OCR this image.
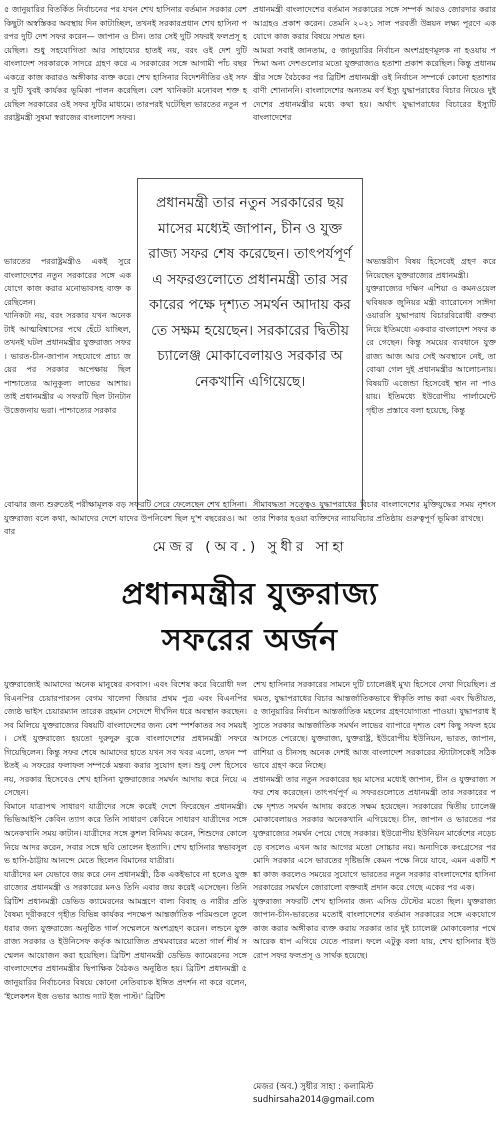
৫ জানুয়ারির বিতর্কিত নির্বাচনের পর যখন শেখ হাসিনার বর্তমান সরকার বেশ কিছুটা অস্বস্তিকর অবস্থায় দিন কাটাচ্ছিল, তখনই সরকারপ্রধান শেখ হাসিনা পরপর দুটি দেশ সফর করেন— জাপান ও চীন। তার সেই দুটি সফরই ফলপ্রসূ হয়েছিল। শুধু সহযোগিতা আর সাহায্যের হাতই নয়, বরং ওই দেশ দুটি বাংলাদেশ সরকারকে সাদরে গ্রহণ করে এ সরকারের সঙ্গে আগামী পাঁচ বছর একত্রে কাজ করারও অঙ্গীকার ব্যক্ত করে। শেখ হাসিনার বিদেশনীতির ওই সফর দুটি খুবই কার্যকর ভূমিকা পালন করেছিল। বেশ খানিকটা মনোবল শক্ত হয়েছিল সরকারের ওই সফর দুটির মাধ্যমে। তারপরই ঘটেছিল ভারতের নতুন পররাষ্ট্রমন্ত্রী সুষমা স্বরাজের বাংলাদেশ সফর।

প্রধানমন্ত্রী বাংলাদেশের বর্তমান সরকারের সঙ্গে সম্পর্ক আরও জোরদার করার আগ্রহও প্রকাশ করেন। তেমনি ২০২১ সাল পরবর্তী উন্নয়ন লক্ষ্য পূরণে একযোগে কাজ করার বিষয়ে সম্মত হন।

আমরা সবাই জানতাম, ৫ জানুয়ারির নির্বাচন অংশগ্রহণমূলক না হওয়ায় পশ্চিমা অন্য দেশগুলোর মতো যুক্তরাজ্যও হতাশা প্রকাশ করেছিল। কিন্তু প্রধানমন্ত্রীর সঙ্গে বৈঠকের পর ব্রিটিশ প্রধানমন্ত্রী ওই নির্বাচন সম্পর্কে কোনো হতাশার বাণী শোনাননি। বাংলাদেশের অন্যতম বর্ণ ইস্যু যুদ্ধাপরাধের বিচার নিয়েও দুই দেশের প্রধানমন্ত্রীর মধ্যে কথা হয়। অর্থাৎ যুদ্ধাপরাধের বিচারের ইস্যুটি বাংলাদেশের

ভারতের পররাষ্ট্রমন্ত্রীও একই সুরে বাংলাদেশের নতুন সরকারের সঙ্গে একযোগে কাজ করার মনোভাবসহ ব্যক্ত করেছিলেন।

খানিকটা নয়, বরং সরকার যখন অনেকটাই আত্মবিশ্বাসের পথে হেঁটে যাচ্ছিল, তখনই ঘটল প্রধানমন্ত্রীর যুক্তরাজ্য সফর। ভারত-চীন-জাপান সহযোগে প্রাচ্য জয়ের পর সরকার অপেক্ষায় ছিল পাশ্চাত্যের আনুকূল্য লাভের আশায়। তাই প্রধানমন্ত্রীর এ সফরটি ছিল টানটান উত্তেজনায় ভরা। পাশ্চাত্যের সরকার

প্রধানমন্ত্রী তার নতুন সরকারের ছয় মাসের মধ্যেই জাপান, চীন ও যুক্তরাজ্য সফর শেষ করেছেন। তাৎপর্যপূর্ণ এ সফরগুলোতে প্রধানমন্ত্রী তার সরকারের পক্ষে দৃশ্যত সমর্থন আদায় করতে সক্ষম হয়েছেন। সরকারের দ্বিতীয় চ্যালেঞ্জ মোকাবেলায়ও সরকার অনেকখানি এগিয়েছে।

অভ্যন্তরীণ বিষয় হিসেবেই গ্রহণ করে নিয়েছেন যুক্তরাজ্যের প্রধানমন্ত্রী।

যুক্তরাজ্যের দক্ষিণ এশিয়া ও কমনওয়েলথবিষয়ক জুনিয়র মন্ত্রী ব্যারোনেস সাঈদা ওয়ারসি যুদ্ধাপরাধ বিচারবিরোধী বক্তব্য নিয়ে ইতিমধ্যে একবার বাংলাদেশ সফর করে গেছেন। কিন্তু সময়ের ব্যবধানে যুক্তরাজ্য আজ আর সেই অবস্থানে নেই, তা বোঝা গেল দুই প্রধানমন্ত্রীর আলোচনায়। বিষয়টি এজেন্ডা হিসেবেই স্থান না পাওয়ায়। ইতিমধ্যে ইউরোপীয় পার্লামেন্টে গৃহীত প্রস্তাবে বলা হয়েছে, কিন্তু

বোঝার জন্য শুরুতেই পরীক্ষামূলক বড় সফরটি সেরে ফেলেছেন শেখ হাসিনা। যুক্তরাজ্য বলে কথা, আমাদের দেশে যাদের উপনিবেশ ছিল দু'শ বছরেরও। আবার

সীমাবদ্ধতা সত্ত্বেও যুদ্ধাপরাধের বিচার বাংলাদেশের মুক্তিযুদ্ধের সময় নৃশংসতার শিকার হওয়া ব্যক্তিদের ন্যায়বিচার প্রতিষ্ঠায় গুরুত্বপূর্ণ ভূমিকা রাখছে।

মেজর (অব.) সুধীর সাহা
প্রধানমন্ত্রীর যুক্তরাজ্য
সফরের অর্জন

যুক্তরাজ্যেই আমাদের অনেক মানুষের বসবাস। এবং বিশেষ করে বিরোধী দল বিএনপির চেয়ারপারসন বেগম খালেদা জিয়ার প্রথম পুত্র এবং বিএনপির জ্যেষ্ঠ ভাইস চেয়ারম্যান তারেক রহমান সেদেশে দীর্ঘদিন ধরে অবস্থান করছেন। সব মিলিয়ে যুক্তরাজ্যের বিষয়টি বাংলাদেশের জন্য বেশ স্পর্শকাতর সব সময়ই। সেই যুক্তরাজ্যে হয়তো দুরুদুরু বুকে বাংলাদেশের প্রধানমন্ত্রী সফরে গিয়েছিলেন। কিন্তু সফর শেষে আমাদের হাতে যখন সব খবর এলো, তখন স্পষ্টতই এ সফরের ফলাফল সম্পর্কে মন্তব্য করার সুযোগ হল। শুধু দেশ হিসেবে নয়, সরকার হিসেবেও শেখ হাসিনা যুক্তরাজ্যের সমর্থন আদায় করে নিয়ে এসেছেন।

বিমানে যাত্রাপথ সাধারণ যাত্রীদের সঙ্গে করেই দেশে ফিরেছেন প্রধানমন্ত্রী। ভিভিআইপি কেবিন ত্যাগ করে তিনি সাধারণ কেবিনে সাধারণ যাত্রীদের সঙ্গে অনেকখানি সময় কাটান। যাত্রীদের সঙ্গে কুশল বিনিময় করেন, শিশুদের কোলে নিয়ে আদর করেন, সবার সঙ্গে ছবি তোলেন ইত্যাদি। শেখ হাসিনার স্বভাবসুলভ হাসি-ঠাট্টায় আনন্দে মেতে ছিলেন বিমানের যাত্রীরা।

যাত্রীদের মন যেভাবে জয় করে নেন প্রধানমন্ত্রী, ঠিক একইভাবে না হলেও যুক্তরাজ্যের প্রধানমন্ত্রী ও সরকারের মনও তিনি এবার জয় করেই এসেছেন। তিনি ব্রিটিশ প্রধানমন্ত্রী ডেভিড ক্যামেরনের আমন্ত্রণে বাল্য বিবাহ ও নারীর প্রতি বৈষম্য দূরীকরণে গৃহীত বিভিন্ন কার্যকর পদক্ষেপ আন্তর্জাতিক পরিমণ্ডলে তুলে ধরার জন্য যুক্তরাজ্যে অনুষ্ঠিত গার্ল সম্মেলনে অংশগ্রহণ করেন। লন্ডনে যুক্তরাজ্য সরকার ও ইউনিসেফ কর্তৃক আয়োজিত প্রথমবারের মতো গার্ল শীর্ষ সম্মেলন আয়োজন করা হয়েছিল। ব্রিটিশ প্রধানমন্ত্রী ডেভিড ক্যামেরনের সঙ্গে বাংলাদেশের প্রধানমন্ত্রীর দ্বিপাক্ষিক বৈঠকও অনুষ্ঠিত হয়। ব্রিটিশ প্রধানমন্ত্রী ৫ জানুয়ারির নির্বাচনের বিষয়ে কোনো নেতিবাচক ইঙ্গিত প্রদর্শন না করে বলেন, 'ইলেকশন ইজ ওভার অ্যান্ড দ্যাট ইজ পাস্ট।' ব্রিটিশ

শেখ হাসিনার সরকারের সামনে দুটি চ্যালেঞ্জই মুখ্য হিসেবে দেখা দিয়েছিল। প্রথমত, যুদ্ধাপরাধের বিচার আন্তর্জাতিকভাবে স্বীকৃতি লাভ করা এবং দ্বিতীয়ত, ৫ জানুয়ারির নির্বাচন আন্তর্জাতিক মহলের গ্রহণযোগ্যতা পাওয়া। যুদ্ধাপরাধ ইস্যুতে সরকার আন্তর্জাতিক সমর্থন লাভের ব্যাপারে দৃশ্যত বেশ কিছু সফল হয়ে আসতে পেরেছে। যুক্তরাজ্য, যুক্তরাষ্ট্র, ইউরোপীয় ইউনিয়ন, ভারত, জাপান, রাশিয়া ও চীনসহ অনেক দেশই আজ বাংলাদেশ সরকারের স্ট্যাটাসকেই সঠিকভাবে গ্রহণ করে নিচ্ছে।

প্রধানমন্ত্রী তার নতুন সরকারের ছয় মাসের মধ্যেই জাপান, চীন ও যুক্তরাজ্য সফর শেষ করেছেন। তাৎপর্যপূর্ণ এ সফরগুলোতে প্রধানমন্ত্রী তার সরকারের পক্ষে দৃশ্যত সমর্থন আদায় করতে সক্ষম হয়েছেন। সরকারের দ্বিতীয় চ্যালেঞ্জ মোকাবেলায়ও সরকার অনেকখানি এগিয়েছে। চীন, জাপান ও ভারতের পর যুক্তরাজ্যের সমর্থন পেয়ে গেছে সরকার। ইউরোপীয় ইউনিয়ন মার্কেশের নড়েচড়ে বসলেও এখন আর আগের মতো সোচ্চার নয়। অন্যদিকে কংগ্রেসের পর মোদি সরকার এসে ভারতের দৃষ্টিভঙ্গি কেমন পক্ষে নিয়ে যাবে, এমন একটি শঙ্কা কাজ করলেও সময়ের সুযোগে ভারতের নতুন সরকার বাংলাদেশের হাসিনা সরকারের সমর্থনে জোরালো বক্তব্যই প্রদান করে গেছে একের পর এক।

যুক্তরাজ্য সফরটি শেখ হাসিনার জন্য এসিড টেস্টের মতো ছিল। যুক্তরাজ্য জাপান-চীন-ভারতের মতোই বাংলাদেশের বর্তমান সরকারের সঙ্গে একযোগে কাজ করার অঙ্গীকার ব্যক্ত করায় সরকার তার দুই চ্যালেঞ্জ মোকাবেলার পথে আরেক ধাপ এগিয়ে যেতে পারল। ফলে এটুকু বলা যায়, শেখ হাসিনার ইউরোপ সফর ফলপ্রসূ ও সার্থক হয়েছে।

মেজর (অব.) সুধীর সাহা : কলামিস্ট
sudhirsaha2014@gmail.com
